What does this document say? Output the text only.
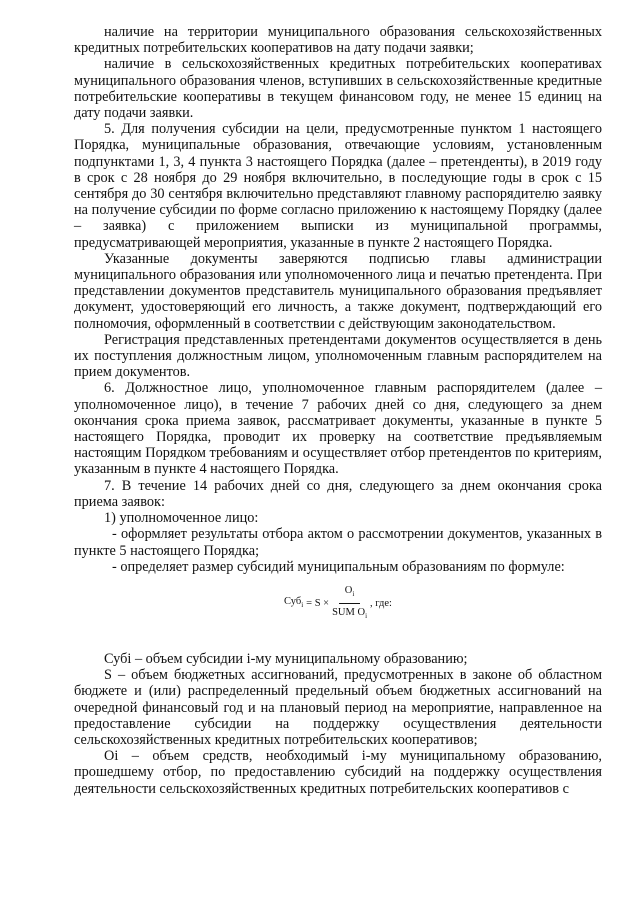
наличие на территории муниципального образования сельскохозяйственных кредитных потребительских кооперативов на дату подачи заявки;

наличие в сельскохозяйственных кредитных потребительских кооперативах муниципального образования членов, вступивших в сельскохозяйственные кредитные потребительские кооперативы в текущем финансовом году, не менее 15 единиц на дату подачи заявки.

5. Для получения субсидии на цели, предусмотренные пунктом 1 настоящего Порядка, муниципальные образования, отвечающие условиям, установленным подпунктами 1, 3, 4 пункта 3 настоящего Порядка (далее – претенденты), в 2019 году в срок с 28 ноября до 29 ноября включительно, в последующие годы в срок с 15 сентября до 30 сентября включительно представляют главному распорядителю заявку на получение субсидии по форме согласно приложению к настоящему Порядку (далее – заявка) с приложением выписки из муниципальной программы, предусматривающей мероприятия, указанные в пункте 2 настоящего Порядка.

Указанные документы заверяются подписью главы администрации муниципального образования или уполномоченного лица и печатью претендента. При представлении документов представитель муниципального образования предъявляет документ, удостоверяющий его личность, а также документ, подтверждающий его полномочия, оформленный в соответствии с действующим законодательством.

Регистрация представленных претендентами документов осуществляется в день их поступления должностным лицом, уполномоченным главным распорядителем на прием документов.

6. Должностное лицо, уполномоченное главным распорядителем (далее – уполномоченное лицо), в течение 7 рабочих дней со дня, следующего за днем окончания срока приема заявок, рассматривает документы, указанные в пункте 5 настоящего Порядка, проводит их проверку на соответствие предъявляемым настоящим Порядком требованиям и осуществляет отбор претендентов по критериям, указанным в пункте 4 настоящего Порядка.

7. В течение 14 рабочих дней со дня, следующего за днем окончания срока приема заявок:

1) уполномоченное лицо:

- оформляет результаты отбора актом о рассмотрении документов, указанных в пункте 5 настоящего Порядка;

- определяет размер субсидий муниципальным образованиям по формуле:

$Суб_i = S \times \frac{O_i}{SUM O_i}$ , где:

Субi – объем субсидии i-му муниципальному образованию;

S – объем бюджетных ассигнований, предусмотренных в законе об областном бюджете и (или) распределенный предельный объем бюджетных ассигнований на очередной финансовый год и на плановый период на мероприятие, направленное на предоставление субсидии на поддержку осуществления деятельности сельскохозяйственных кредитных потребительских кооперативов;

Oi – объем средств, необходимый i-му муниципальному образованию, прошедшему отбор, по предоставлению субсидий на поддержку осуществления деятельности сельскохозяйственных кредитных потребительских кооперативов с
